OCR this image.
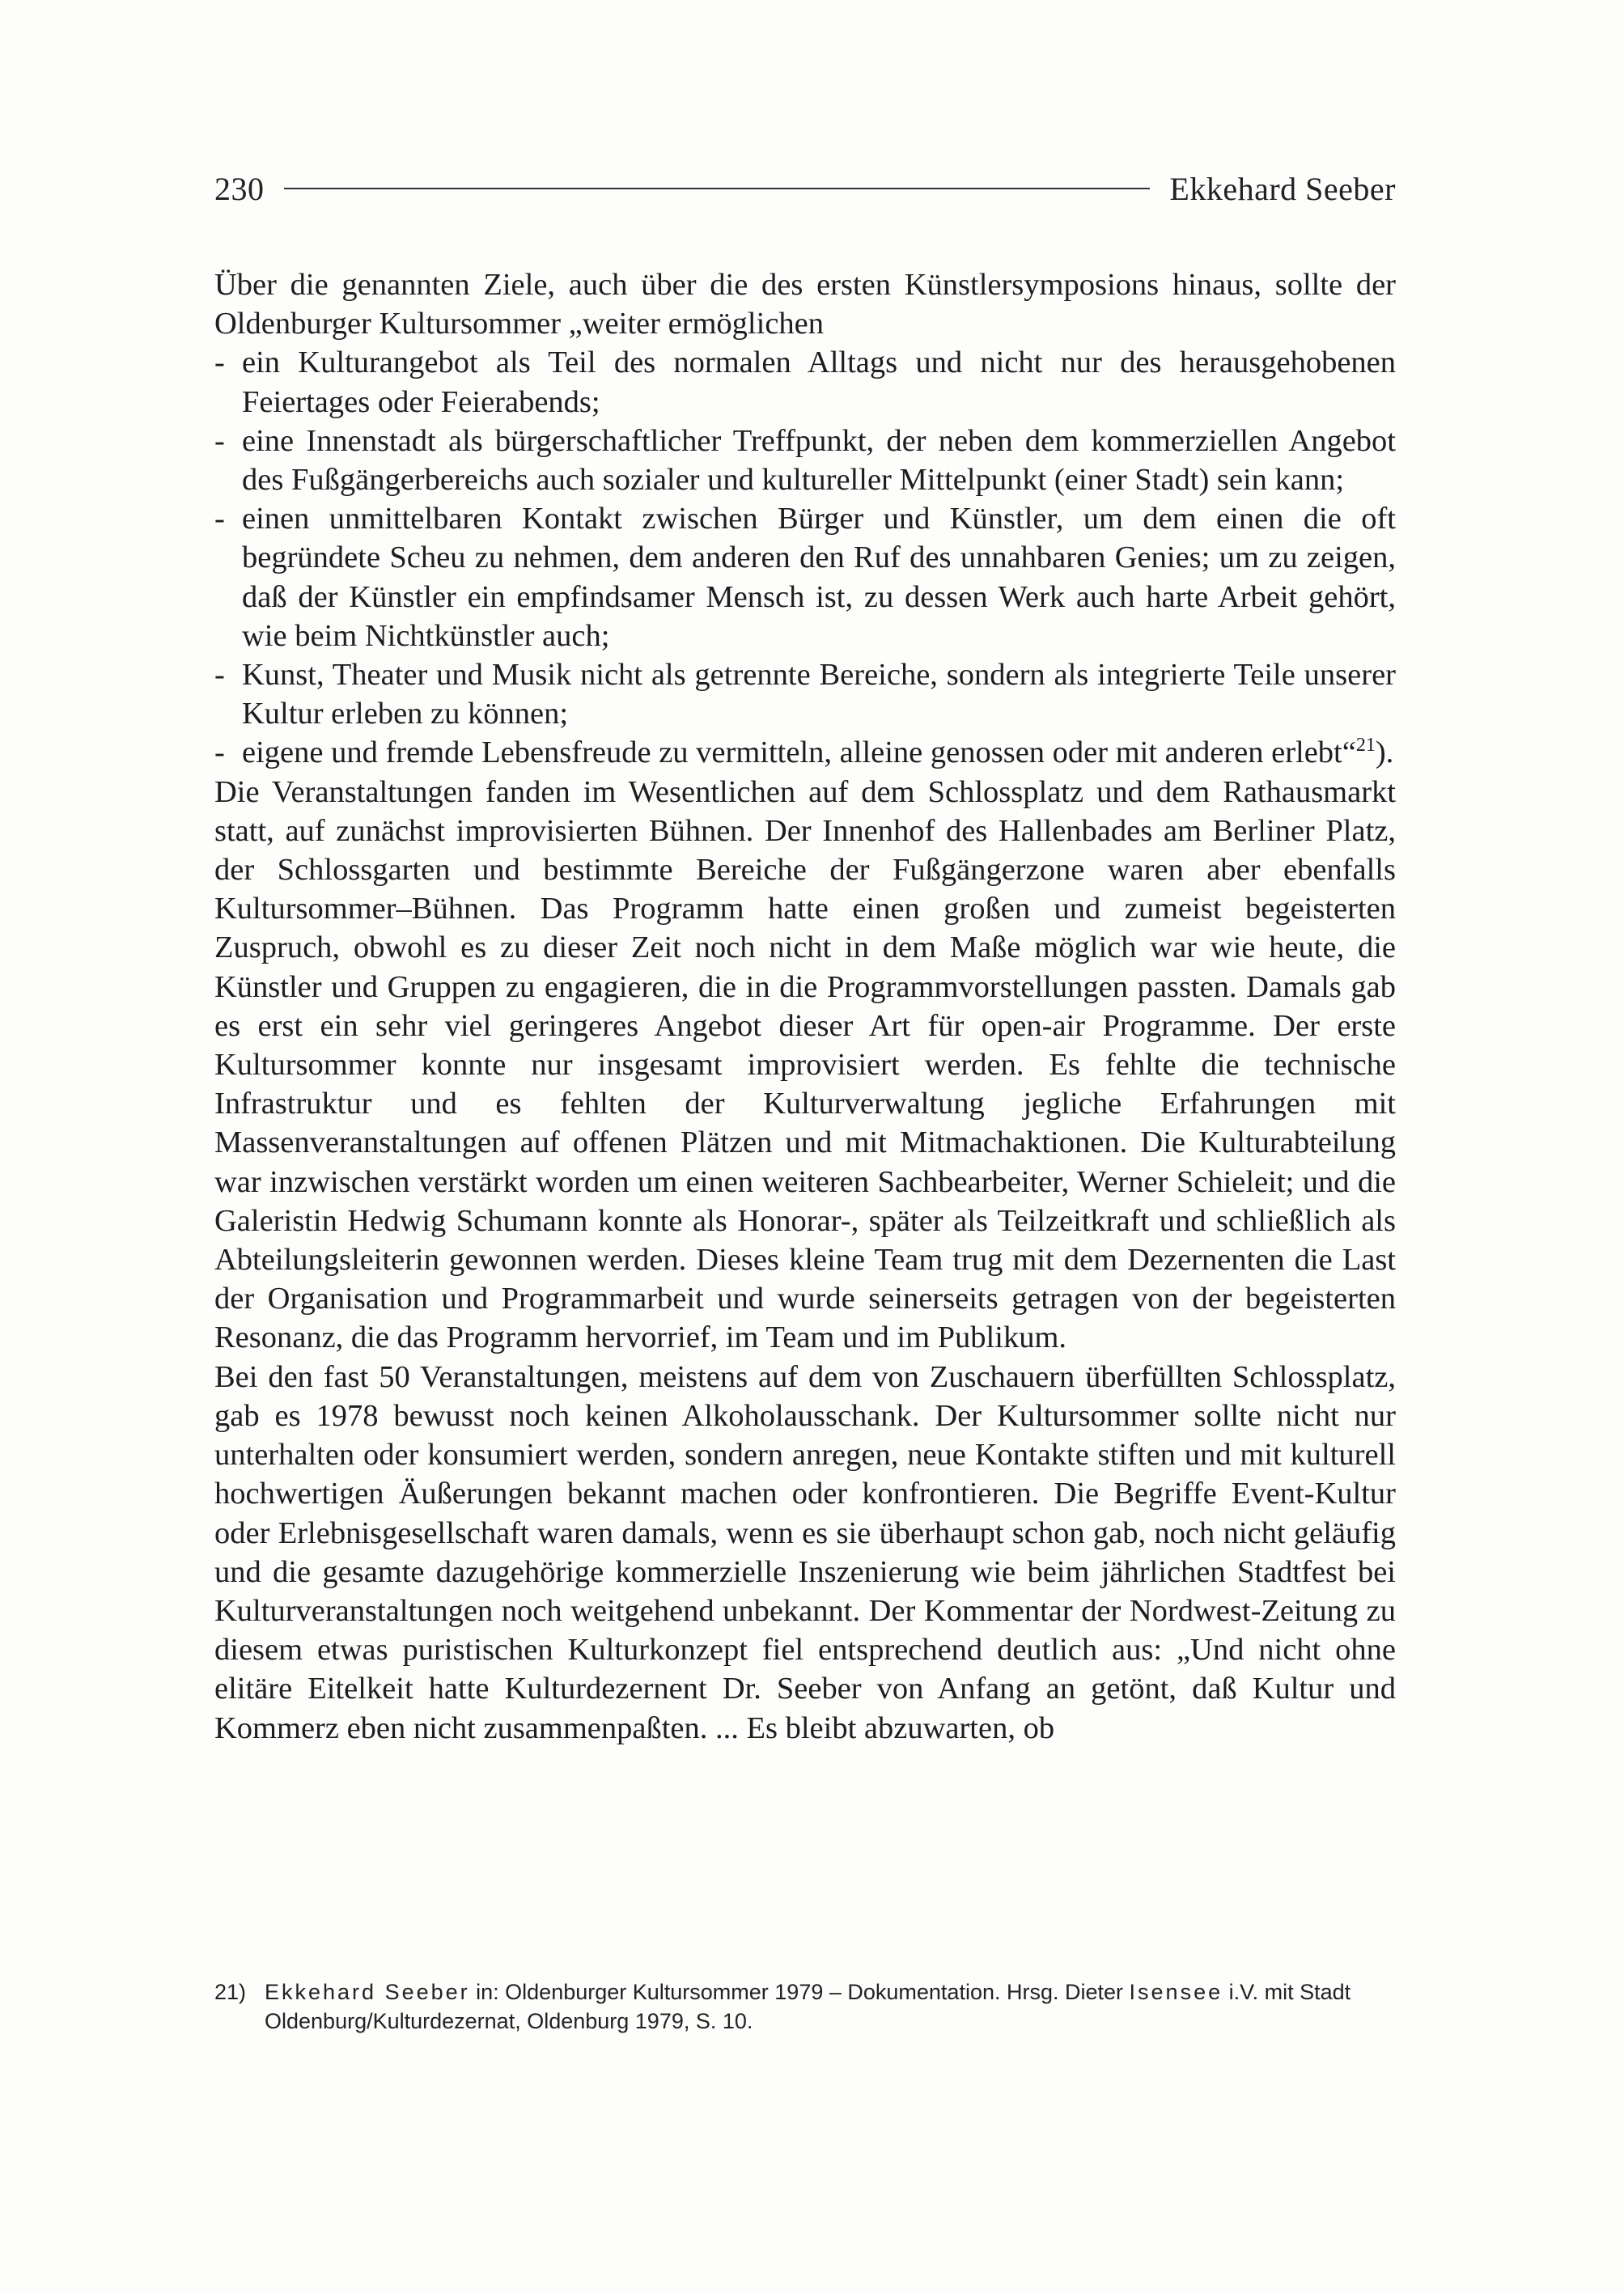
230	Ekkehard Seeber

Über die genannten Ziele, auch über die des ersten Künstlersymposions hinaus, sollte der Oldenburger Kultursommer „weiter ermöglichen

- ein Kulturangebot als Teil des normalen Alltags und nicht nur des herausgehobenen Feiertages oder Feierabends;
- eine Innenstadt als bürgerschaftlicher Treffpunkt, der neben dem kommerziellen Angebot des Fußgängerbereichs auch sozialer und kultureller Mittelpunkt (einer Stadt) sein kann;
- einen unmittelbaren Kontakt zwischen Bürger und Künstler, um dem einen die oft begründete Scheu zu nehmen, dem anderen den Ruf des unnahbaren Genies; um zu zeigen, daß der Künstler ein empfindsamer Mensch ist, zu dessen Werk auch harte Arbeit gehört, wie beim Nichtkünstler auch;
- Kunst, Theater und Musik nicht als getrennte Bereiche, sondern als integrierte Teile unserer Kultur erleben zu können;
- eigene und fremde Lebensfreude zu vermitteln, alleine genossen oder mit anderen erlebt“$^{21}$).

Die Veranstaltungen fanden im Wesentlichen auf dem Schlossplatz und dem Rathausmarkt statt, auf zunächst improvisierten Bühnen. Der Innenhof des Hallenbades am Berliner Platz, der Schlossgarten und bestimmte Bereiche der Fußgängerzone waren aber ebenfalls Kultursommer–Bühnen. Das Programm hatte einen großen und zumeist begeisterten Zuspruch, obwohl es zu dieser Zeit noch nicht in dem Maße möglich war wie heute, die Künstler und Gruppen zu engagieren, die in die Programmvorstellungen passten. Damals gab es erst ein sehr viel geringeres Angebot dieser Art für open-air Programme. Der erste Kultursommer konnte nur insgesamt improvisiert werden. Es fehlte die technische Infrastruktur und es fehlten der Kulturverwaltung jegliche Erfahrungen mit Massenveranstaltungen auf offenen Plätzen und mit Mitmachaktionen. Die Kulturabteilung war inzwischen verstärkt worden um einen weiteren Sachbearbeiter, Werner Schieleit; und die Galeristin Hedwig Schumann konnte als Honorar-, später als Teilzeitkraft und schließlich als Abteilungsleiterin gewonnen werden. Dieses kleine Team trug mit dem Dezernenten die Last der Organisation und Programmarbeit und wurde seinerseits getragen von der begeisterten Resonanz, die das Programm hervorrief, im Team und im Publikum.

Bei den fast 50 Veranstaltungen, meistens auf dem von Zuschauern überfüllten Schlossplatz, gab es 1978 bewusst noch keinen Alkoholausschank. Der Kultursommer sollte nicht nur unterhalten oder konsumiert werden, sondern anregen, neue Kontakte stiften und mit kulturell hochwertigen Äußerungen bekannt machen oder konfrontieren. Die Begriffe Event-Kultur oder Erlebnisgesellschaft waren damals, wenn es sie überhaupt schon gab, noch nicht geläufig und die gesamte dazugehörige kommerzielle Inszenierung wie beim jährlichen Stadtfest bei Kulturveranstaltungen noch weitgehend unbekannt. Der Kommentar der Nordwest-Zeitung zu diesem etwas puristischen Kulturkonzept fiel entsprechend deutlich aus: „Und nicht ohne elitäre Eitelkeit hatte Kulturdezernent Dr. Seeber von Anfang an getönt, daß Kultur und Kommerz eben nicht zusammenpaßten. ... Es bleibt abzuwarten, ob

21) Ekkehard Seeber in: Oldenburger Kultursommer 1979 – Dokumentation. Hrsg. Dieter Isensee i.V. mit Stadt Oldenburg/Kulturdezernat, Oldenburg 1979, S. 10.
